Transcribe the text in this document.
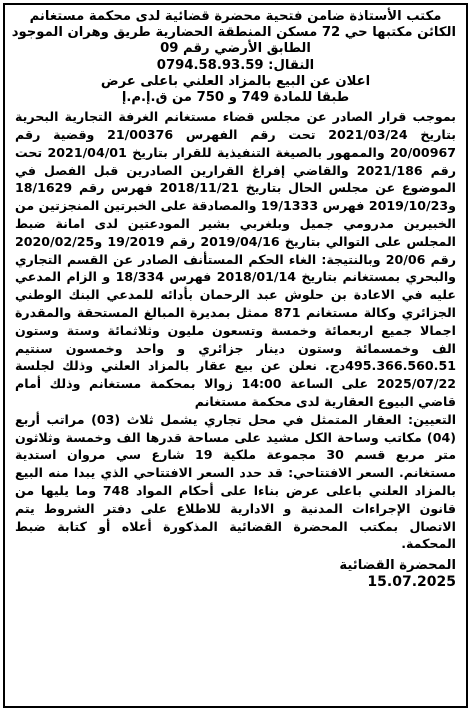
مكتب الأستاذة ضامن فتحية محضرة قضائية لدى محكمة مستغانم
الكائن مكتبها حي 72 مسكن المنطقة الحضارية طريق وهران الموجود
الطابق الأرضي رقم 09
النقال: 0794.58.93.59
اعلان عن البيع بالمزاد العلني باعلى عرض
طبقا للمادة 749 و 750 من ق.إ.م.إ

بموجب قرار الصادر عن مجلس قضاء مستغانم الغرفة التجارية البحرية بتاريخ 2021/03/24 تحت رقم الفهرس 21/00376 وقضية رقم 20/00967 والممهور بالصيغة التنفيذية للقرار بتاريخ 2021/04/01 تحت رقم 2021/186 والقاضي إفراغ القرارين الصادرين قبل الفصل في الموضوع عن مجلس الحال بتاريخ 2018/11/21 فهرس رقم 18/1629 و2019/10/23 فهرس 19/1333 والمصادقة على الخبرتين المنجزتين من الخبيرين مدرومي جميل وبلغربي بشير المودعتين لدى امانة ضبط المجلس على التوالي بتاريخ 2019/04/16 رقم 19/2019 و2020/02/25 رقم 20/06 وبالنتيجة: الغاء الحكم المستأنف الصادر عن القسم التجاري والبحري بمستغانم بتاريخ 2018/01/14 فهرس 18/334 و الزام المدعي عليه في الاعادة بن حلوش عبد الرحمان بأدائه للمدعي البنك الوطني الجزائري وكالة مستغانم 871 ممثل بمديرة المبالغ المستحقة والمقدرة اجمالا جميع اربعمائة وخمسة وتسعون مليون وثلاثمائة وستة وستون الف وخمسمائة وستون دينار جزائري و واحد وخمسون سنتيم 495.366.560.51دج. نعلن عن بيع عقار بالمزاد العلني وذلك لجلسة 2025/07/22 على الساعة 14:00 زوالا بمحكمة مستغانم وذلك أمام قاضي البيوع العقارية لدى محكمة مستغانم

التعيين: العقار المتمثل في محل تجاري يشمل ثلاث (03) مراتب أربع (04) مكاتب وساحة الكل مشيد على مساحة قدرها الف وخمسة وثلاثون متر مربع قسم 30 مجموعة ملكية 19 شارع سي مروان استدية مستغانم. السعر الافتتاحي: قد حدد السعر الافتتاحي الذي يبدا منه البيع بالمزاد العلني باعلى عرض بناءا على أحكام المواد 748 وما يليها من قانون الإجراءات المدنية و الادارية للاطلاع على دفتر الشروط يتم الاتصال بمكتب المحضرة القضائية المذكورة أعلاه أو كتابة ضبط المحكمة.

المحضرة القضائية
15.07.2025
